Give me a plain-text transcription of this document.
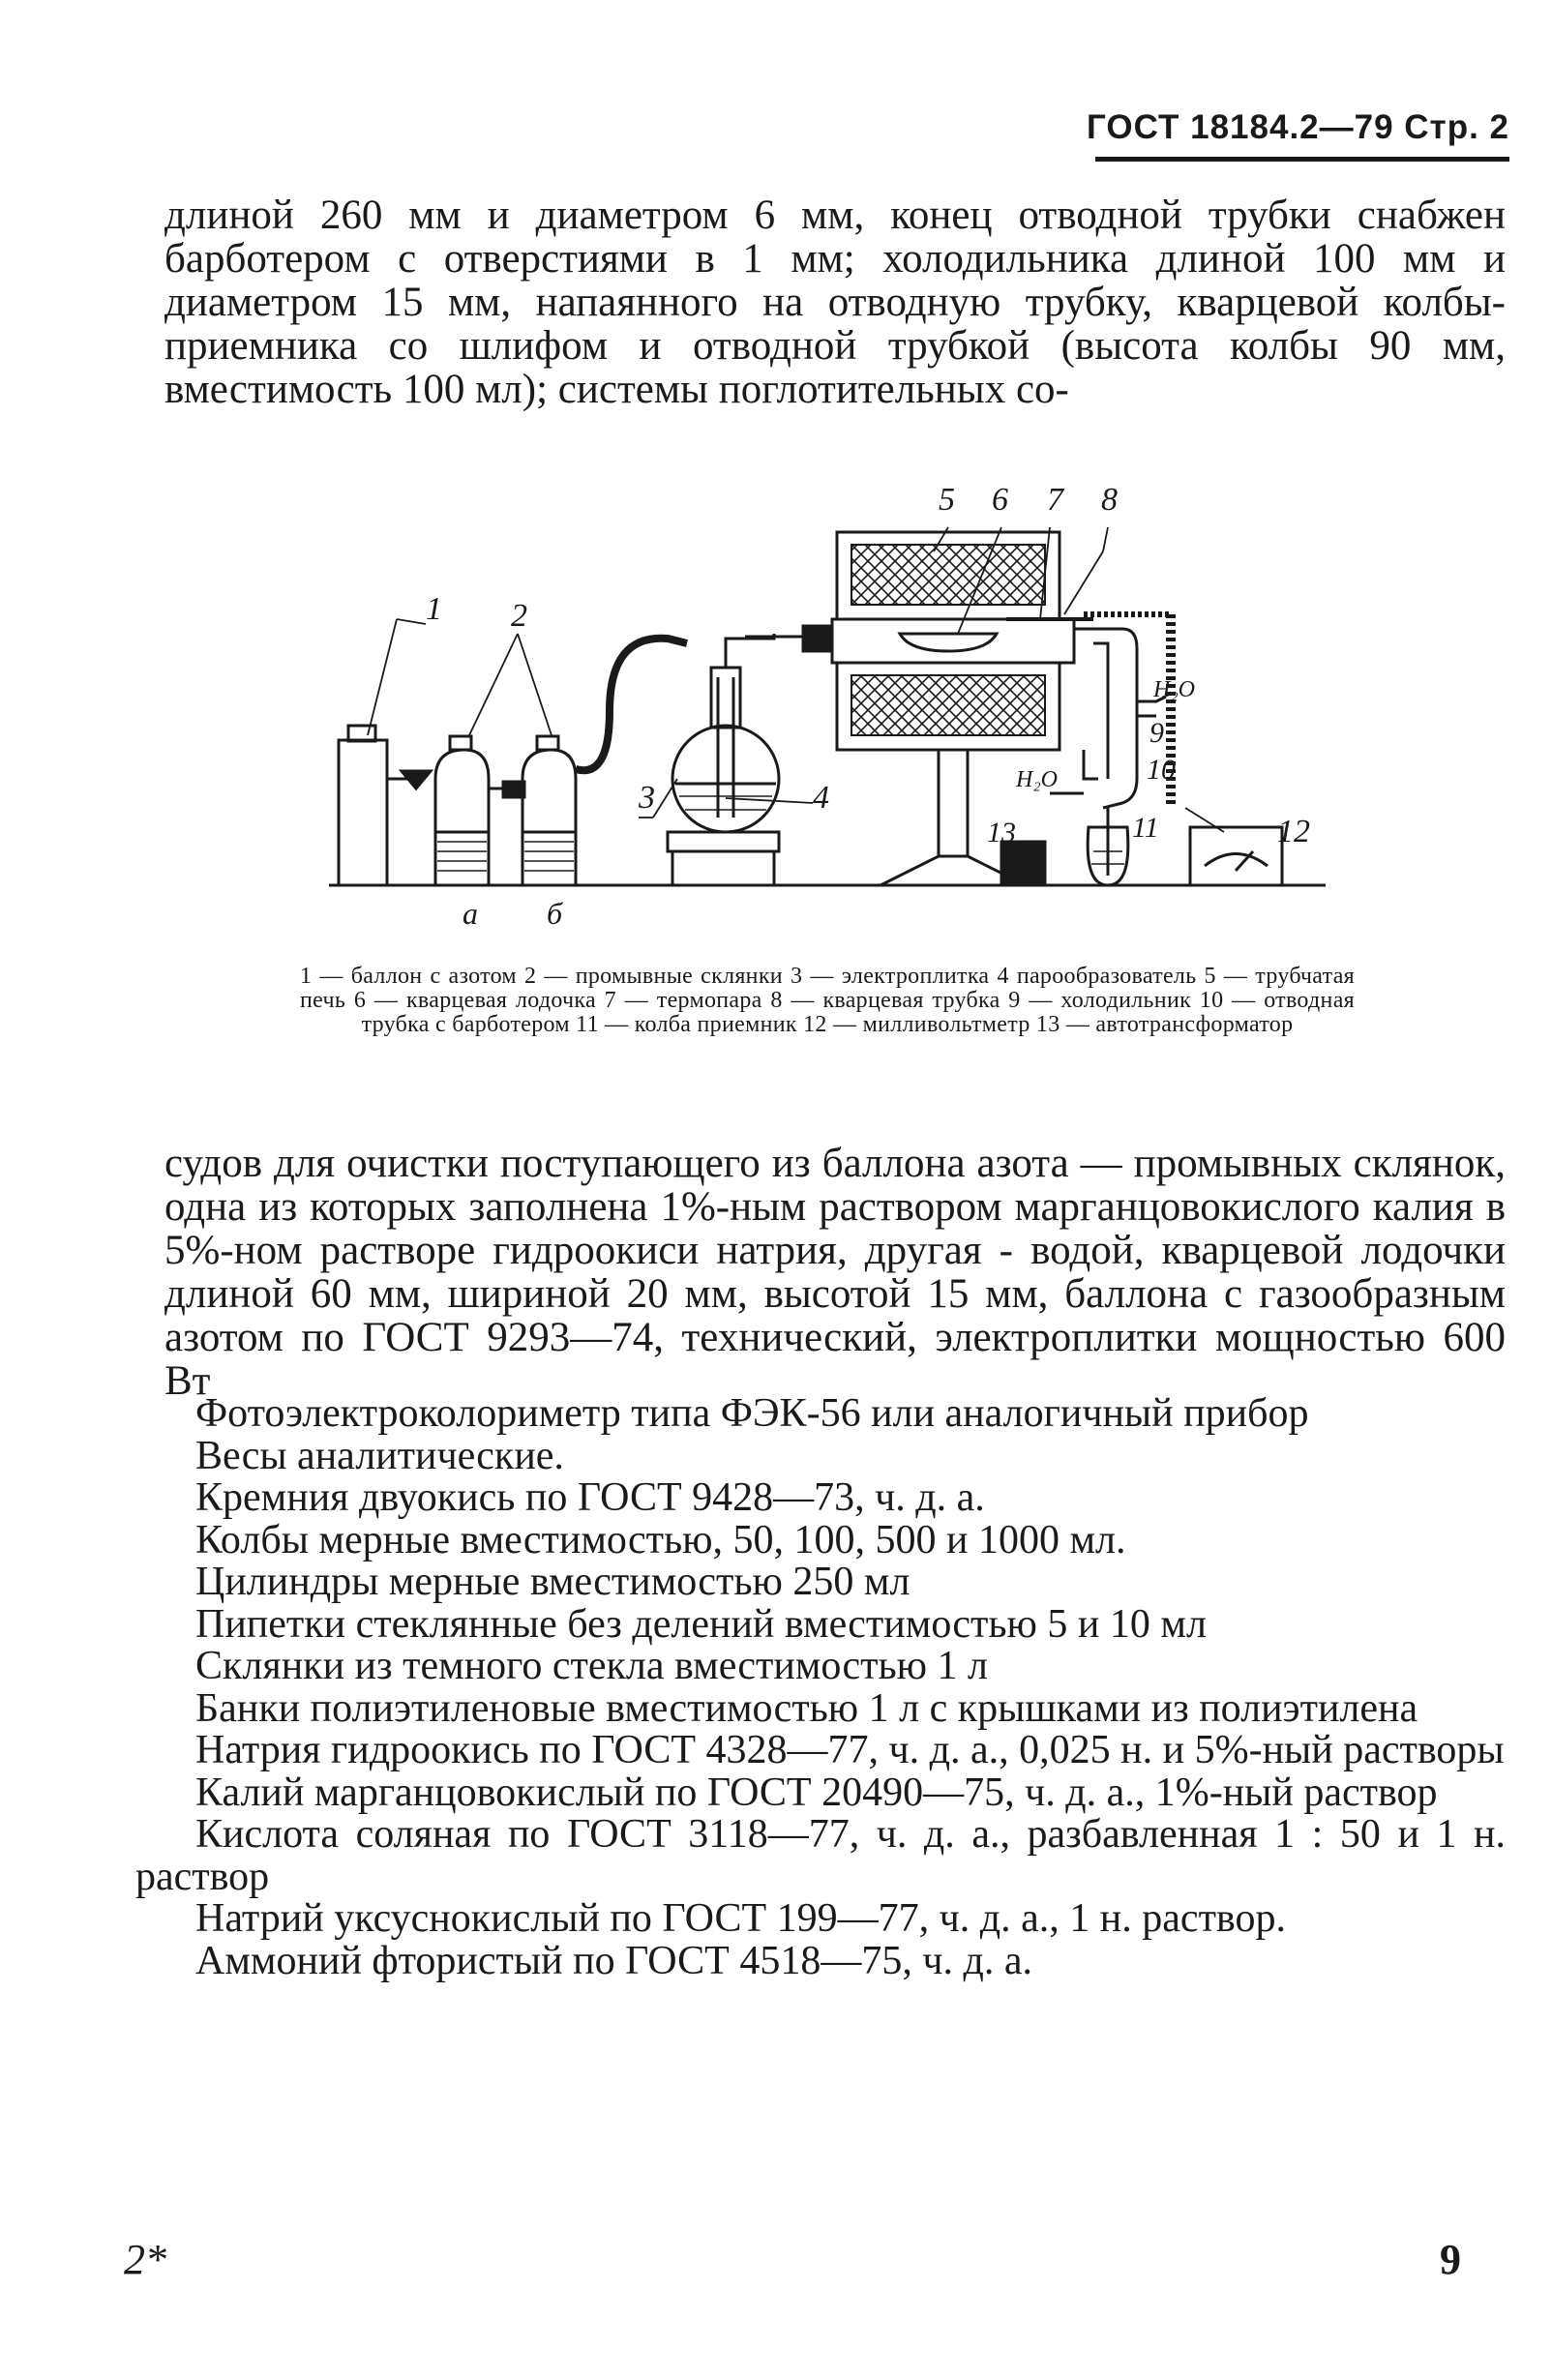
ГОСТ 18184.2—79 Стр. 2
длиной 260 мм и диаметром 6 мм, конец отводной трубки снабжен барботером с отверстиями в 1 мм; холодильника длиной 100 мм и диаметром 15 мм, напаянного на отводную трубку, кварцевой колбы-приемника со шлифом и отводной трубкой (высота колбы 90 мм, вместимость 100 мл); системы поглотительных со-
1 2
3	4
5 6 7 8
9
10
11	12
13
H₂O
H₂O
а б
1 — баллон с азотом 2 — промывные склянки 3 — электроплитка 4 парообразователь 5 — трубчатая печь 6 — кварцевая лодочка 7 — термопара 8 — кварцевая трубка 9 — холодильник 10 — отводная трубка с барботером 11 — колба приемник 12 — милливольтметр 13 — автотрансформатор
судов для очистки поступающего из баллона азота — промывных склянок, одна из которых заполнена 1%-ным раствором марганцовокислого калия в 5%-ном растворе гидроокиси натрия, другая - водой, кварцевой лодочки длиной 60 мм, шириной 20 мм, высотой 15 мм, баллона с газообразным азотом по ГОСТ 9293—74, технический, электроплитки мощностью 600 Вт
Фотоэлектроколориметр типа ФЭК-56 или аналогичный прибор
Весы аналитические.
Кремния двуокись по ГОСТ 9428—73, ч. д. а.
Колбы мерные вместимостью, 50, 100, 500 и 1000 мл.
Цилиндры мерные вместимостью 250 мл
Пипетки стеклянные без делений вместимостью 5 и 10 мл
Склянки из темного стекла вместимостью 1 л
Банки полиэтиленовые вместимостью 1 л с крышками из полиэтилена
Натрия гидроокись по ГОСТ 4328—77, ч. д. а., 0,025 н. и 5%-ный растворы
Калий марганцовокислый по ГОСТ 20490—75, ч. д. а., 1%-ный раствор
Кислота соляная по ГОСТ 3118—77, ч. д. а., разбавленная 1 : 50 и 1 н. раствор
Натрий уксуснокислый по ГОСТ 199—77, ч. д. а., 1 н. раствор.
Аммоний фтористый по ГОСТ 4518—75, ч. д. а.
2*	9
